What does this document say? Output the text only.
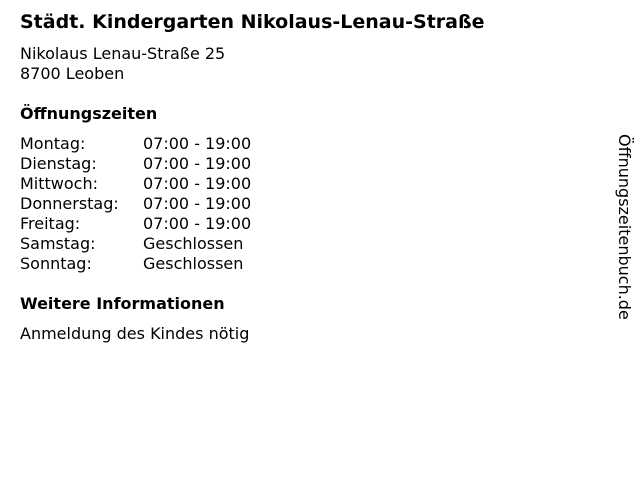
Städt. Kindergarten Nikolaus-Lenau-Straße
Nikolaus Lenau-Straße 25
8700 Leoben
Öffnungszeiten
Montag:	07:00 - 19:00
Dienstag:	07:00 - 19:00
Mittwoch:	07:00 - 19:00
Donnerstag:	07:00 - 19:00
Freitag:	07:00 - 19:00
Samstag:	Geschlossen
Sonntag:	Geschlossen
Weitere Informationen
Anmeldung des Kindes nötig
Öffnungszeitenbuch.de
